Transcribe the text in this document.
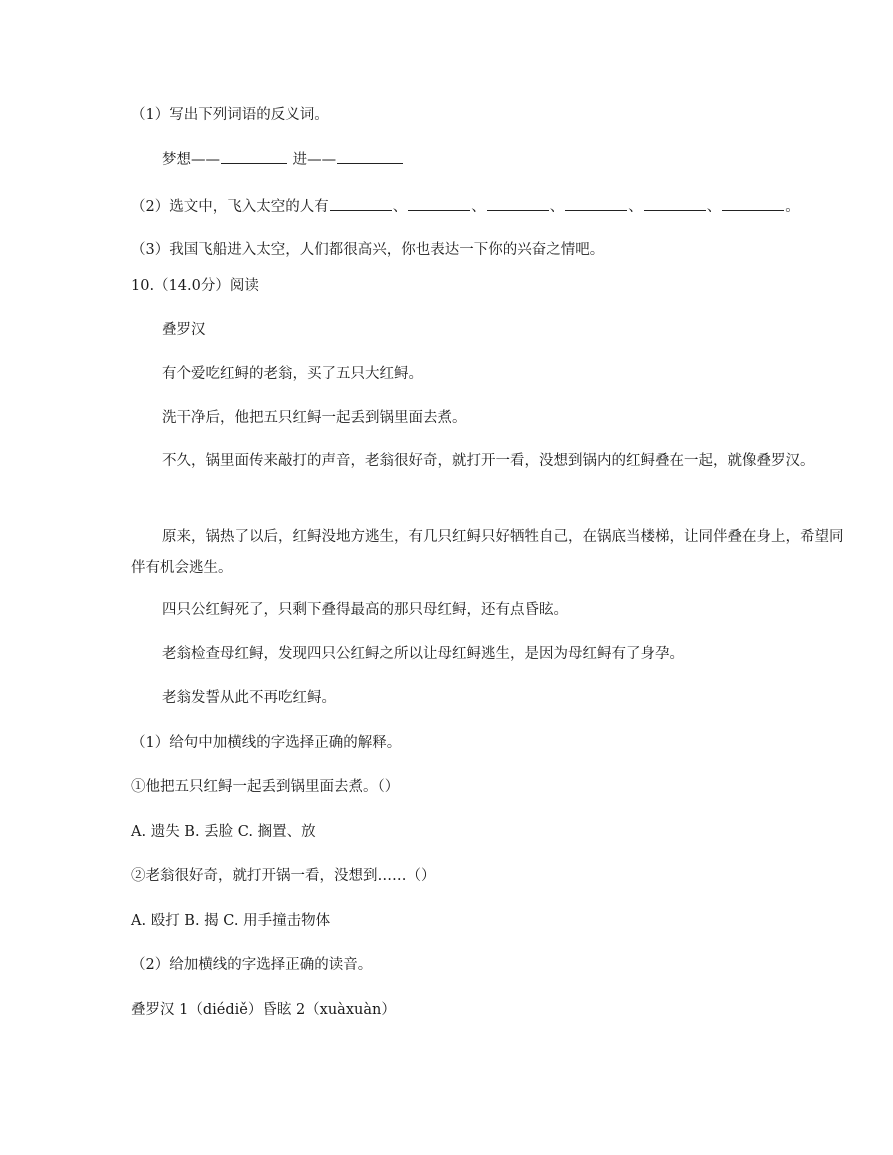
（1）写出下列词语的反义词。
梦想——	进——
（2）选文中，飞入太空的人有	、	、	、	、	、	。
（3）我国飞船进入太空，人们都很高兴，你也表达一下你的兴奋之情吧。
10.（14.0分）阅读
叠罗汉
有个爱吃红鲟的老翁，买了五只大红鲟。
洗干净后，他把五只红鲟一起丢到锅里面去煮。
不久，锅里面传来敲打的声音，老翁很好奇，就打开一看，没想到锅内的红鲟叠在一起，就像叠罗汉。
原来，锅热了以后，红鲟没地方逃生，有几只红鲟只好牺牲自己，在锅底当楼梯，让同伴叠在身上，希望同伴有机会逃生。
四只公红鲟死了，只剩下叠得最高的那只母红鲟，还有点昏眩。
老翁检查母红鲟，发现四只公红鲟之所以让母红鲟逃生，是因为母红鲟有了身孕。
老翁发誓从此不再吃红鲟。
（1）给句中加横线的字选择正确的解释。
①他把五只红鲟一起丢到锅里面去煮。（）
A. 遗失 B. 丢脸 C. 搁置、放
②老翁很好奇，就打开锅一看，没想到……（）
A. 殴打 B. 揭 C. 用手撞击物体
（2）给加横线的字选择正确的读音。
叠罗汉 1（diédiě）昏眩 2（xuàxuàn）
